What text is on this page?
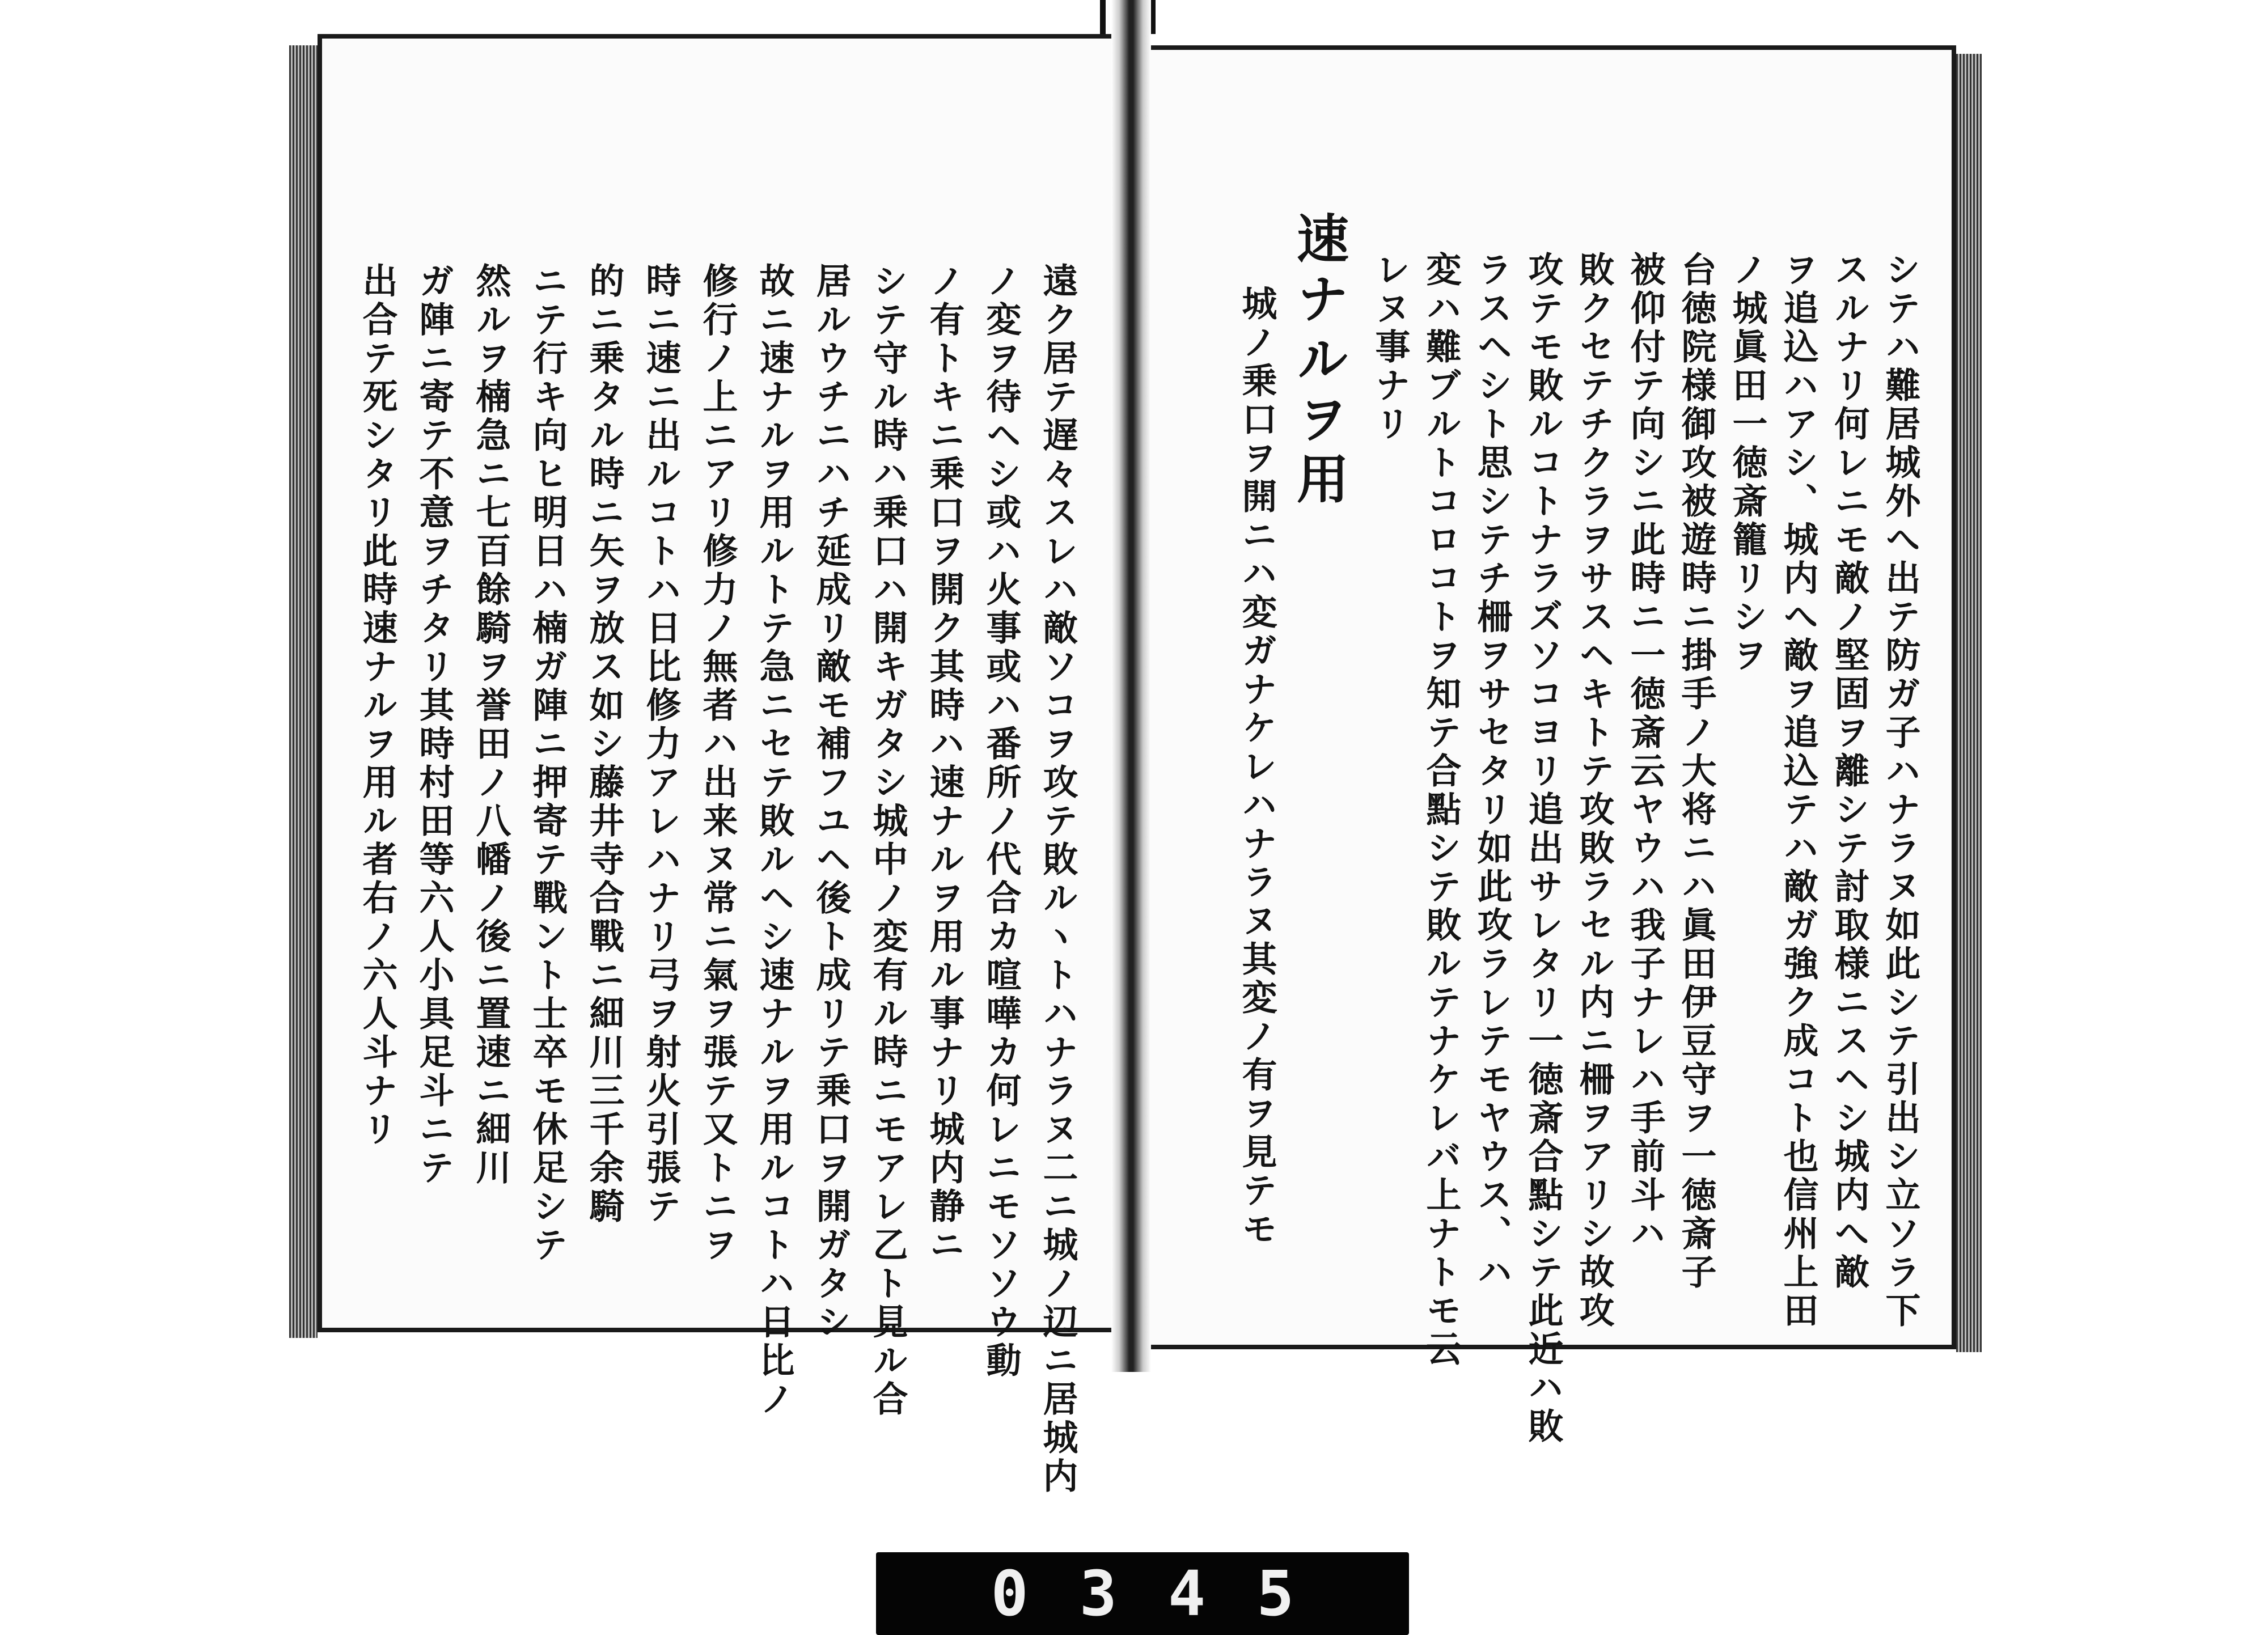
遠ク居テ遅々スレハ敵ソコヲ攻テ敗ルヽトハナラヌ二ニ城ノ辺ニ居城内
ノ変ヲ待ヘシ或ハ火事或ハ番所ノ代合カ喧嘩カ何レニモソソウ動
ノ有トキニ乗口ヲ開ク其時ハ速ナルヲ用ル事ナリ城内静ニ
シテ守ル時ハ乗口ハ開キガタシ城中ノ変有ル時ニモアレ乙ト見ル合
居ルウチニハチ延成リ敵モ補フユヘ後ト成リテ乗口ヲ開ガタシ
故ニ速ナルヲ用ルトテ急ニセテ敗ルヘシ速ナルヲ用ルコトハ日比ノ
修行ノ上ニアリ修力ノ無者ハ出来ヌ常ニ氣ヲ張テ又トニヲ
時ニ速ニ出ルコトハ日比修力アレハナリ弓ヲ射火引張テ
的ニ乗タル時ニ矢ヲ放ス如シ藤井寺合戰ニ細川三千余騎
ニテ行キ向ヒ明日ハ楠ガ陣ニ押寄テ戰ント士卒モ休足シテ
然ルヲ楠急ニ七百餘騎ヲ誉田ノ八幡ノ後ニ置速ニ細川
ガ陣ニ寄テ不意ヲチタリ其時村田等六人小具足斗ニテ
出合テ死シタリ此時速ナルヲ用ル者右ノ六人斗ナリ	シテハ難居城外へ出テ防ガ子ハナラヌ如此シテ引出シ立ソラ下
スルナリ何レニモ敵ノ堅固ヲ離シテ討取様ニスヘシ城内へ敵
ヲ追込ハアシ、城内へ敵ヲ追込テハ敵ガ強ク成コト也信州上田
ノ城眞田一徳斎籠リシヲ
台徳院様御攻被遊時ニ掛手ノ大将ニハ眞田伊豆守ヲ一徳斎子
被仰付テ向シニ此時ニ一徳斎云ヤウハ我子ナレハ手前斗ハ
敗クセテチクラヲサスヘキトテ攻敗ラセル内ニ柵ヲアリシ故攻
攻テモ敗ルコトナラズソコヨリ追出サレタリ一徳斎合點シテ此近ハ敗
ラスヘシト思シテチ柵ヲサセタリ如此攻ラレテモヤウス、ハ
変ハ難ブルトコロコトヲ知テ合點シテ敗ルテナケレバ上ナトモ云
レヌ事ナリ
速ナルヲ用
城ノ乗口ヲ開ニハ変ガナケレハナラヌ其変ノ有ヲ見テモ
0345
